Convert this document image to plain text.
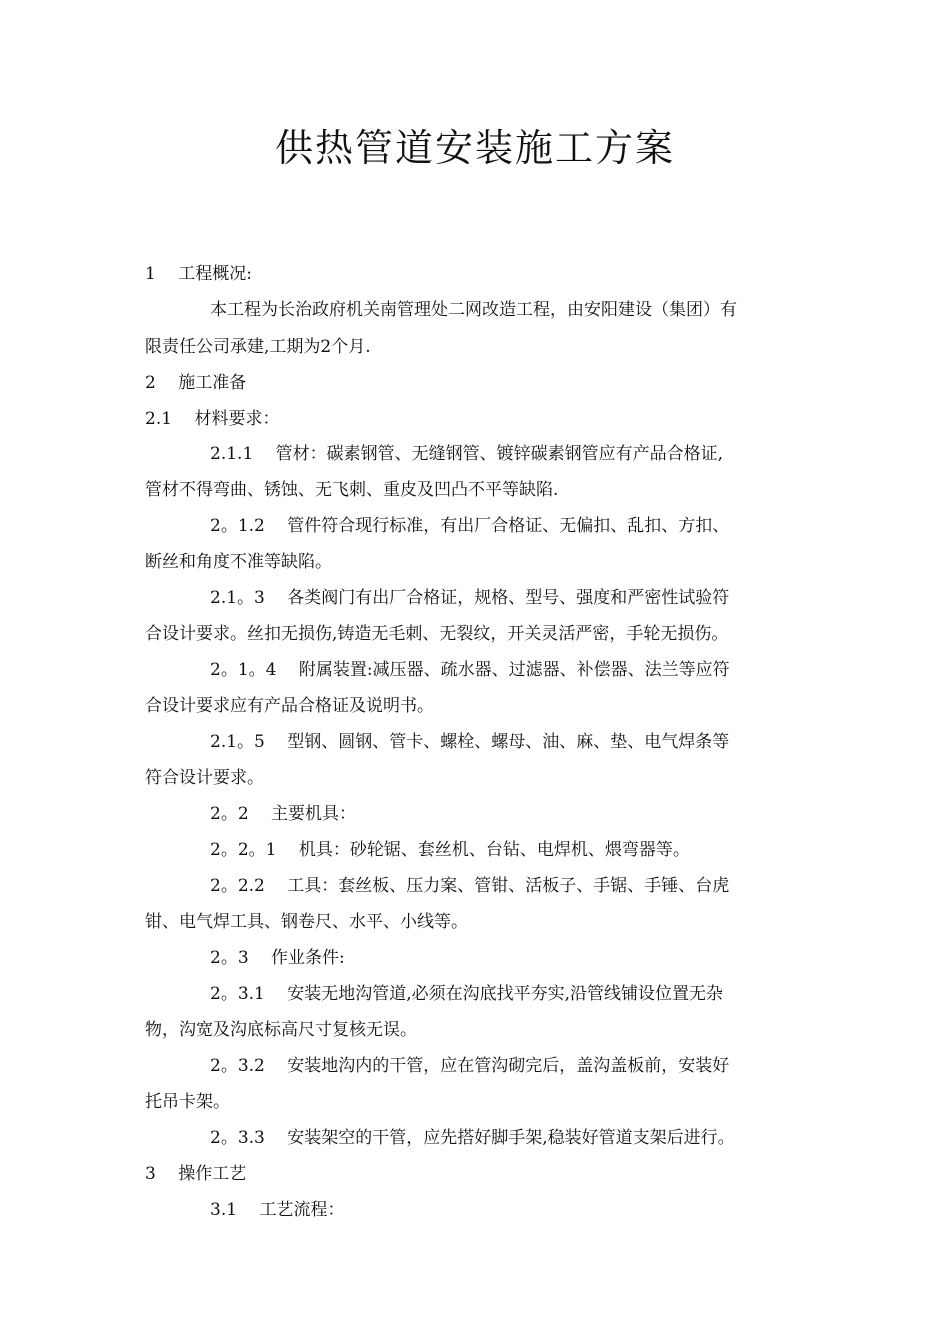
供热管道安装施工方案
1 　工程概况:
本工程为长治政府机关南管理处二网改造工程，由安阳建设（集团）有
限责任公司承建,工期为2个月.
2 　施工准备
2.1 　材料要求：
2.1.1 　管材：碳素钢管、无缝钢管、镀锌碳素钢管应有产品合格证,
管材不得弯曲、锈蚀、无飞刺、重皮及凹凸不平等缺陷.
2。1.2 　管件符合现行标准，有出厂合格证、无偏扣、乱扣、方扣、
断丝和角度不准等缺陷。
2.1。3 　各类阀门有出厂合格证，规格、型号、强度和严密性试验符
合设计要求。丝扣无损伤,铸造无毛刺、无裂纹，开关灵活严密，手轮无损伤。
2。1。4 　附属装置:减压器、疏水器、过滤器、补偿器、法兰等应符
合设计要求应有产品合格证及说明书。
2.1。5 　型钢、圆钢、管卡、螺栓、螺母、油、麻、垫、电气焊条等
符合设计要求。
2。2 　主要机具：
2。2。1 　机具：砂轮锯、套丝机、台钻、电焊机、煨弯器等。
2。2.2 　工具：套丝板、压力案、管钳、活板子、手锯、手锤、台虎
钳、电气焊工具、钢卷尺、水平、小线等。
2。3 　作业条件:
2。3.1 　安装无地沟管道,必须在沟底找平夯实,沿管线铺设位置无杂
物，沟宽及沟底标高尺寸复核无误。
2。3.2 　安装地沟内的干管，应在管沟砌完后，盖沟盖板前，安装好
托吊卡架。
2。3.3 　安装架空的干管，应先搭好脚手架,稳装好管道支架后进行。
3 　操作工艺
3.1 　工艺流程：
